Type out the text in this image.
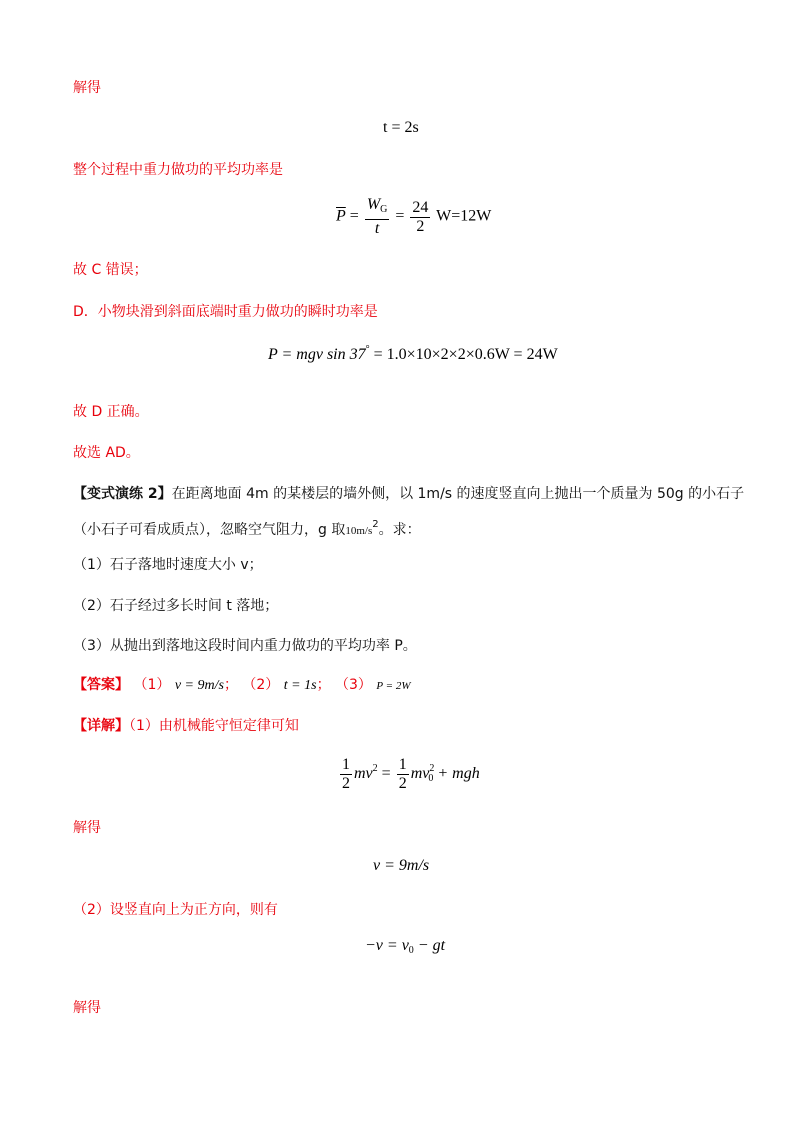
解得
t = 2s
整个过程中重力做功的平均功率是
$\overline{P} = \frac{W_G}{t} = \frac{24}{2} W=12W$
故 C 错误；
D．小物块滑到斜面底端时重力做功的瞬时功率是
P = mgv sin 37° = 1.0×10×2×2×0.6W = 24W
故 D 正确。
故选 AD。
【变式演练 2】在距离地面 4m 的某楼层的墙外侧，以 1m/s 的速度竖直向上抛出一个质量为 50g 的小石子
（小石子可看成质点），忽略空气阻力，g 取$10m/s^2$。求：
（1）石子落地时速度大小 v；
（2）石子经过多长时间 t 落地；
（3）从抛出到落地这段时间内重力做功的平均功率 P。
【答案】 （1） v = 9m/s； （2） t = 1s； （3） P = 2W
【详解】（1）由机械能守恒定律可知
$\frac{1}{2} mv^2 = \frac{1}{2} mv^2_0$ + mgh
解得
v = 9m/s
（2）设竖直向上为正方向，则有
$-v = v_0$ − gt
解得
